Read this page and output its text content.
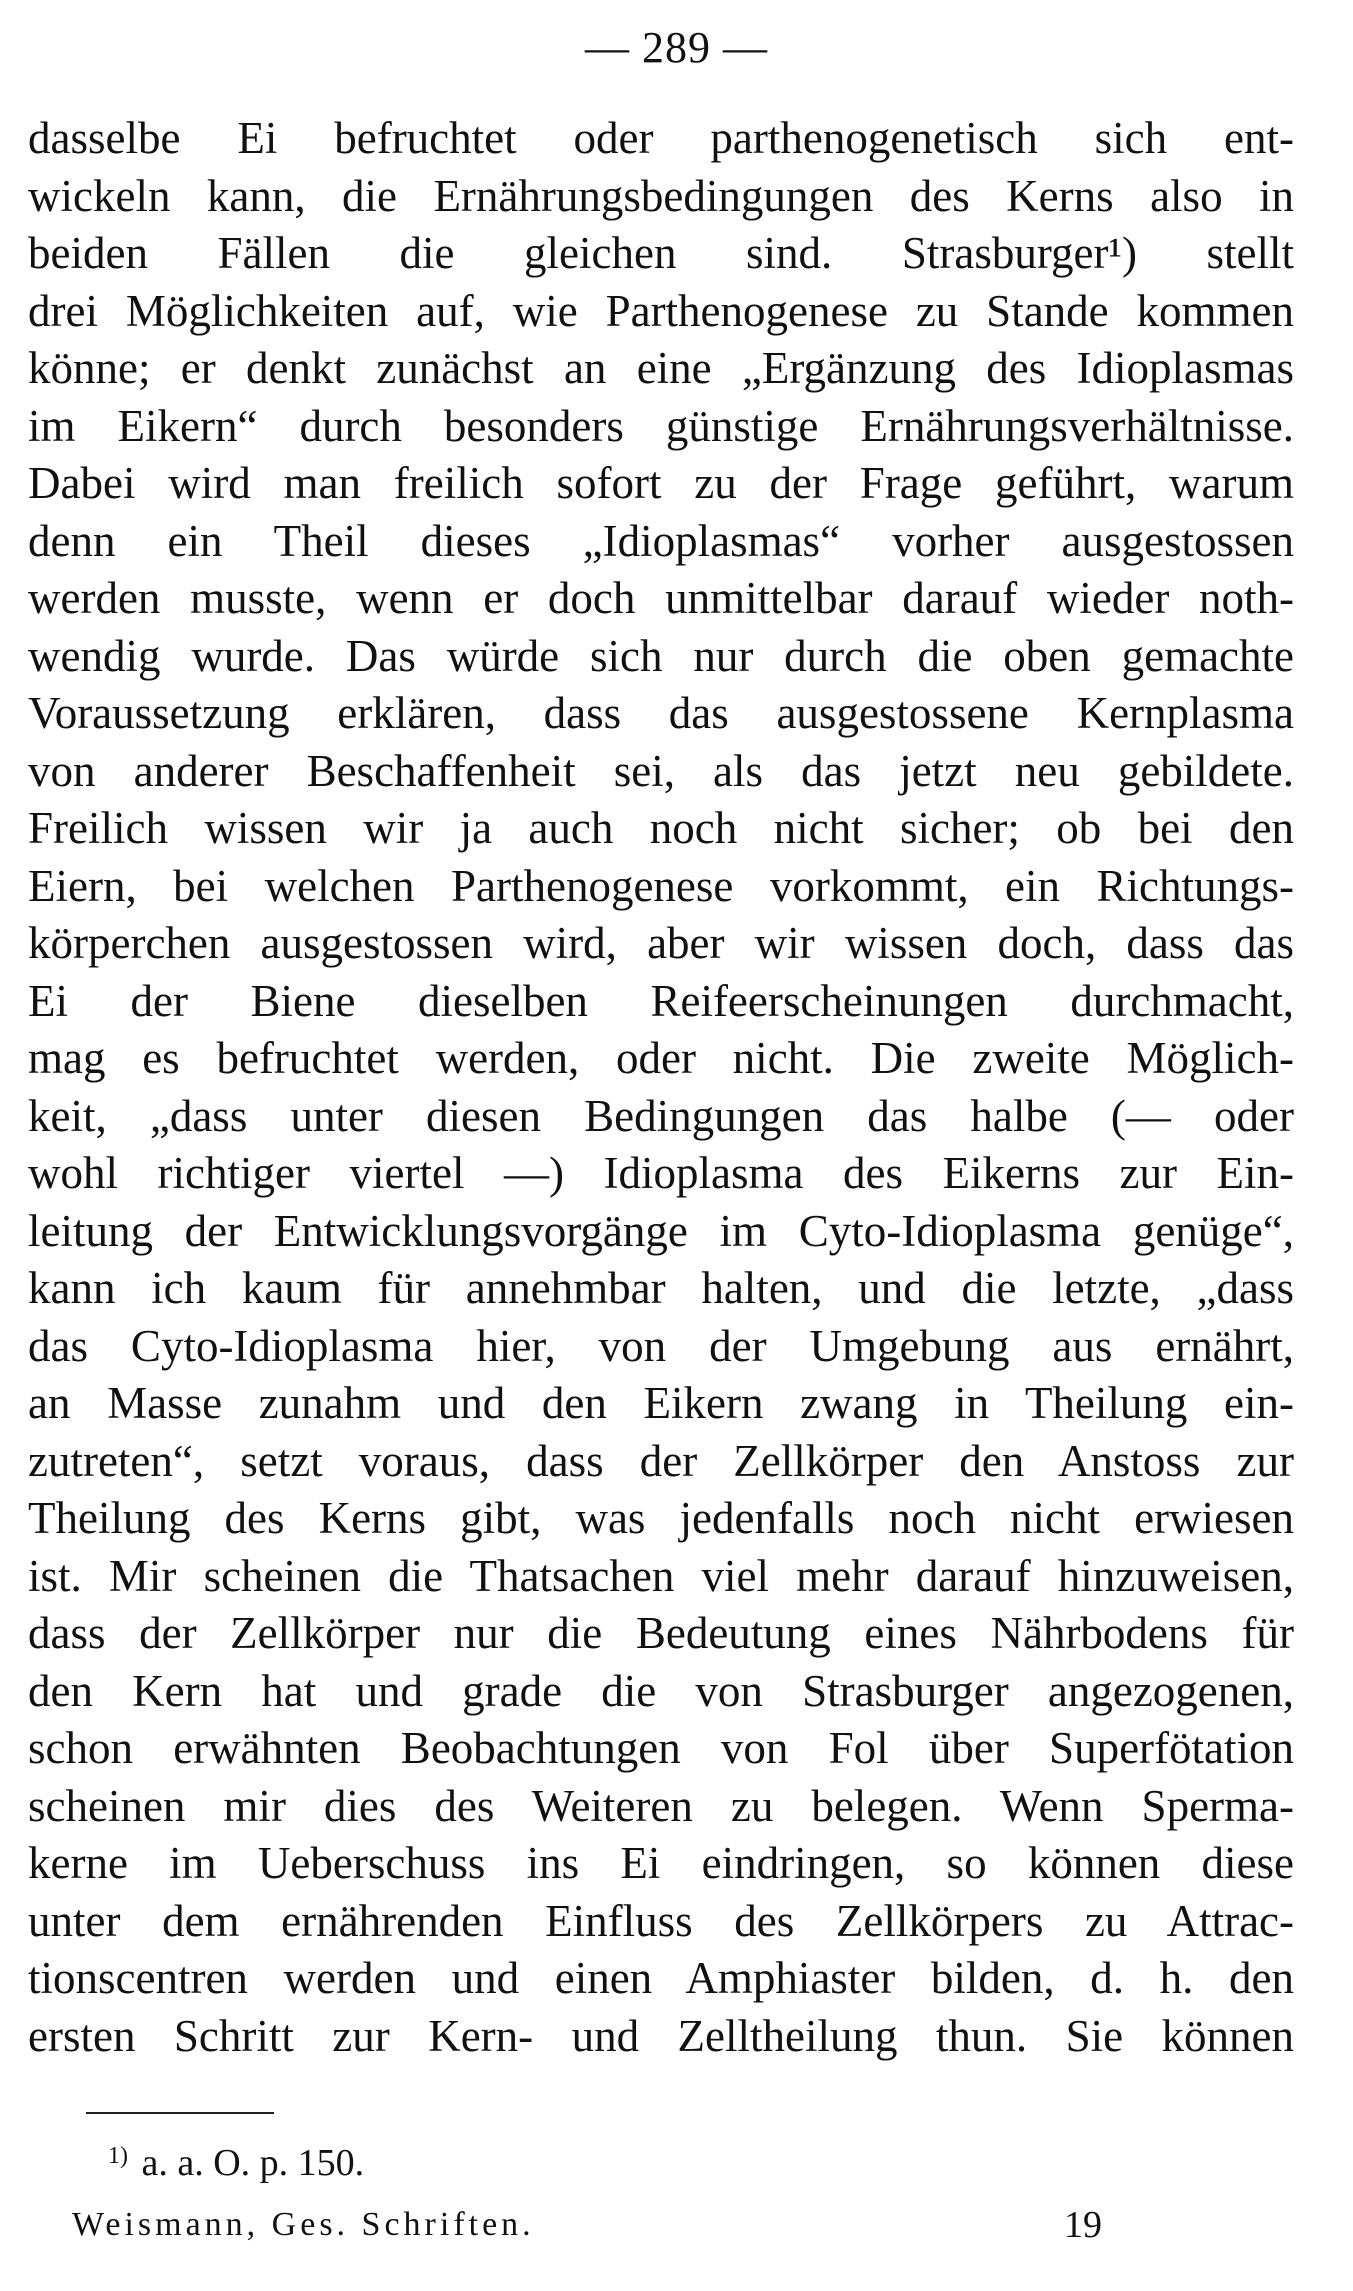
— 289 —
dasselbe Ei befruchtet oder parthenogenetisch sich ent-
wickeln kann, die Ernährungsbedingungen des Kerns also in
beiden Fällen die gleichen sind. Strasburger¹) stellt
drei Möglichkeiten auf, wie Parthenogenese zu Stande kommen
könne; er denkt zunächst an eine „Ergänzung des Idioplasmas
im Eikern“ durch besonders günstige Ernährungsverhältnisse.
Dabei wird man freilich sofort zu der Frage geführt, warum
denn ein Theil dieses „Idioplasmas“ vorher ausgestossen
werden musste, wenn er doch unmittelbar darauf wieder noth-
wendig wurde. Das würde sich nur durch die oben gemachte
Voraussetzung erklären, dass das ausgestossene Kernplasma
von anderer Beschaffenheit sei, als das jetzt neu gebildete.
Freilich wissen wir ja auch noch nicht sicher; ob bei den
Eiern, bei welchen Parthenogenese vorkommt, ein Richtungs-
körperchen ausgestossen wird, aber wir wissen doch, dass das
Ei der Biene dieselben Reifeerscheinungen durchmacht,
mag es befruchtet werden, oder nicht. Die zweite Möglich-
keit, „dass unter diesen Bedingungen das halbe (— oder
wohl richtiger viertel —) Idioplasma des Eikerns zur Ein-
leitung der Entwicklungsvorgänge im Cyto-Idioplasma genüge“,
kann ich kaum für annehmbar halten, und die letzte, „dass
das Cyto-Idioplasma hier, von der Umgebung aus ernährt,
an Masse zunahm und den Eikern zwang in Theilung ein-
zutreten“, setzt voraus, dass der Zellkörper den Anstoss zur
Theilung des Kerns gibt, was jedenfalls noch nicht erwiesen
ist. Mir scheinen die Thatsachen viel mehr darauf hinzuweisen,
dass der Zellkörper nur die Bedeutung eines Nährbodens für
den Kern hat und grade die von Strasburger angezogenen,
schon erwähnten Beobachtungen von Fol über Superfötation
scheinen mir dies des Weiteren zu belegen. Wenn Sperma-
kerne im Ueberschuss ins Ei eindringen, so können diese
unter dem ernährenden Einfluss des Zellkörpers zu Attrac-
tionscentren werden und einen Amphiaster bilden, d. h. den
ersten Schritt zur Kern- und Zelltheilung thun. Sie können
$^{1)}$ a. a. O. p. 150.
Weismann, Ges. Schriften.	19
